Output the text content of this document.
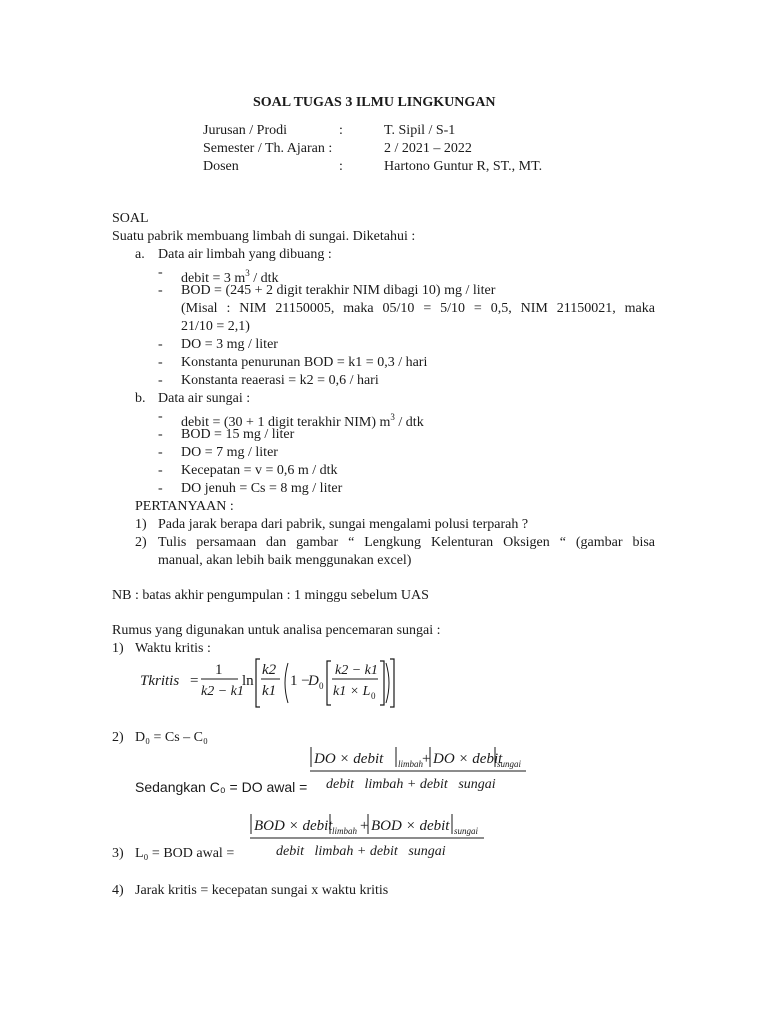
SOAL TUGAS 3 ILMU LINGKUNGAN
Jurusan / Prodi	:	T. Sipil / S-1
Semester / Th. Ajaran :	2 / 2021 – 2022
Dosen	:	Hartono Guntur R, ST., MT.
SOAL
Suatu pabrik membuang limbah di sungai. Diketahui :
a. Data air limbah yang dibuang :
- debit = 3 $m^3$ / dtk
- BOD = (245 + 2 digit terakhir NIM dibagi 10) mg / liter
(Misal : NIM 21150005, maka 05/10 = 5/10 = 0,5, NIM 21150021, maka
21/10 = 2,1)
- DO = 3 mg / liter
- Konstanta penurunan BOD = k1 = 0,3 / hari
- Konstanta reaerasi = k2 = 0,6 / hari
b. Data air sungai :
- debit = (30 + 1 digit terakhir NIM) $m^3$ / dtk
- BOD = 15 mg / liter
- DO = 7 mg / liter
- Kecepatan = v = 0,6 m / dtk
- DO jenuh = Cs = 8 mg / liter
PERTANYAAN :
1) Pada jarak berapa dari pabrik, sungai mengalami polusi terparah ?
2) Tulis persamaan dan gambar “ Lengkung Kelenturan Oksigen “ (gambar bisa
manual, akan lebih baik menggunakan excel)
NB : batas akhir pengumpulan : 1 minggu sebelum UAS
Rumus yang digunakan untuk analisa pencemaran sungai :
1) Waktu kritis :
Tkritis =
1
k2 − k1
ln
k2
k1
1 −
D 0
k2 − k1
k1 × L 0
2) D₀ = Cs – C₀
Sedangkan C₀ = DO awal =
DO × debit limbah
+ DO × debit
sungai
debit   limbah + debit   sungai
BOD × debit limbah + BOD × debit sungai
debit   limbah + debit   sungai
3) L₀ = BOD awal =
4) Jarak kritis = kecepatan sungai x waktu kritis
